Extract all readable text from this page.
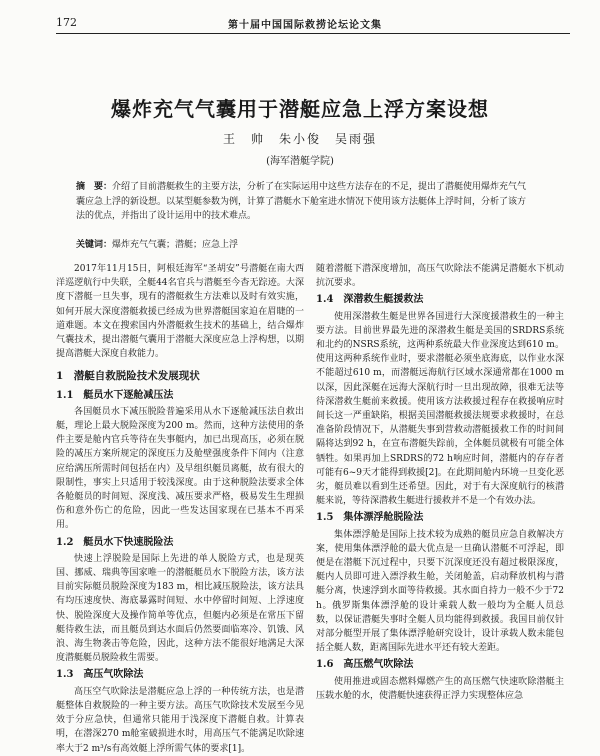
172	第十届中国国际救捞论坛论文集
爆炸充气气囊用于潜艇应急上浮方案设想
王　帅　朱小俊　吴雨强
(海军潜艇学院)
摘　要：介绍了目前潜艇救生的主要方法，分析了在实际运用中这些方法存在的不足，提出了潜艇使用爆炸充气气囊应急上浮的新设想。以某型艇参数为例，计算了潜艇水下舱室进水情况下使用该方法艇体上浮时间，分析了该方法的优点，并指出了设计运用中的技术难点。
关键词：爆炸充气气囊；潜艇；应急上浮

2017年11月15日，阿根廷海军“圣胡安”号潜艇在南大西洋巡逻航行中失联，全艇44名官兵与潜艇至今杳无踪迹。大深度下潜艇一旦失事，现有的潜艇救生方法难以及时有效实施，如何开展大深度潜艇救援已经成为世界潜艇国家迫在眉睫的一道难题。本文在搜索国内外潜艇救生技术的基础上，结合爆炸气囊技术，提出潜艇气囊用于潜艇大深度应急上浮构想，以期提高潜艇大深度自救能力。

1　潜艇自救脱险技术发展现状
1.1　艇员水下逐舱减压法

各国艇员水下减压脱险普遍采用从水下逐舱减压法自救出艇，理论上最大脱险深度为200 m。然而，这种方法使用的条件主要是舱内官兵等待在失事艇内，加已出现高压，必须在脱险的减压方案所规定的深度压力及舱壁强度条件下间内（注意应给满压所需时间包括在内）及早组织艇员离艇，故有很大的限制性，事实上只适用于较浅深度。由于这种脱险法要求全体各舱艇员的时间短、深度浅、减压要求严格，极易发生生理损伤和意外伤亡的危险，因此一些发达国家现在已基本不再采用。

1.2　艇员水下快速脱险法

快速上浮脱险是国际上先进的单人脱险方式，也是现英国、挪威、瑞典等国家唯一的潜艇艇员水下脱险方法，该方法目前实际艇员脱险深度为183 m，相比减压脱险法，该方法具有均压速度快、海底暴露时间短、水中停留时间短、上浮速度快、脱险深度大及操作简单等优点，但艇内必须是在常压下留艇待救生法，而且艇员到达水面后仍然要面临寒冷、饥饿、风浪、海生物袭击等危险，因此，这种方法不能很好地满足大深度潜艇艇员脱险救生需要。

1.3　高压气吹除法

高压空气吹除法是潜艇应急上浮的一种传统方法，也是潜艇整体自救脱险的一种主要方法。高压气吹除技术发展至今见效于分应急快，但通常只能用于浅深度下潜艇自救。计算表明，在潜深270 m舱室破损进水时，用高压气不能满足吹除速率大于2 m³/s有高效艇上浮所需气体的要求[1]。

随着潜艇下潜深度增加，高压气吹除法不能满足潜艇水下机动抗沉要求。

1.4　深潜救生艇援救法

使用深潜救生艇是世界各国进行大深度援潜救生的一种主要方法。目前世界最先进的深潜救生艇是美国的SRDRS系统和北约的NSRS系统，这两种系统最大作业深度达到610 m。使用这两种系统作业时，要求潜艇必须坐底海底，以作业水深不能超过610 m，而潜艇远海航行区域水深通常都在1000 m以深，因此深艇在远海大深航行时一旦出现故障，很难无法等待深潜救生艇前来救援。使用该方法救援过程存在救援响应时间长这一严重缺陷，根据美国潜艇救援法规要求救援时，在总准备阶段情况下，从潜艇失事到营救动潜艇援救工作的时间间隔将达到92 h，在宣布潜艇失踪前，全体艇员就极有可能全体牺牲。如果再加上SRDRS的72 h响应时间，潜艇内的存存者可能有6~9天才能得到救援[2]。在此期间舱内环境一旦变化恶劣，艇员难以看到生还希望。因此，对于有大深度航行的核潜艇来说，等待深潜救生艇进行援救并不是一个有效办法。

1.5　集体漂浮舱脱险法

集体漂浮舱是国际上技术较为成熟的艇员应急自救解决方案，使用集体漂浮舱的最大优点是一旦确认潜艇不可浮起，即便是在潜艇下沉过程中，只要下沉深度还没有超过极限深度，艇内人员即可进入漂浮救生舱，关闭舱盖，启动释放机构与潜艇分离，快速浮到水面等待救援。其水面自持力一般不少于72 h。俄罗斯集体漂浮舱的设计乘载人数一般均为全艇人员总数，以保证潜艇失事时全艇人员均能得到救援。我国目前仅针对部分艇型开展了集体漂浮舱研究设计，设计承载人数未能包括全艇人数，距离国际先进水平还有较大差距。

1.6　高压燃气吹除法

使用推进或固态燃料爆燃产生的高压燃气快速吹除潜艇主压载水舱的水，使潜艇快速获得正浮力实现整体应急
